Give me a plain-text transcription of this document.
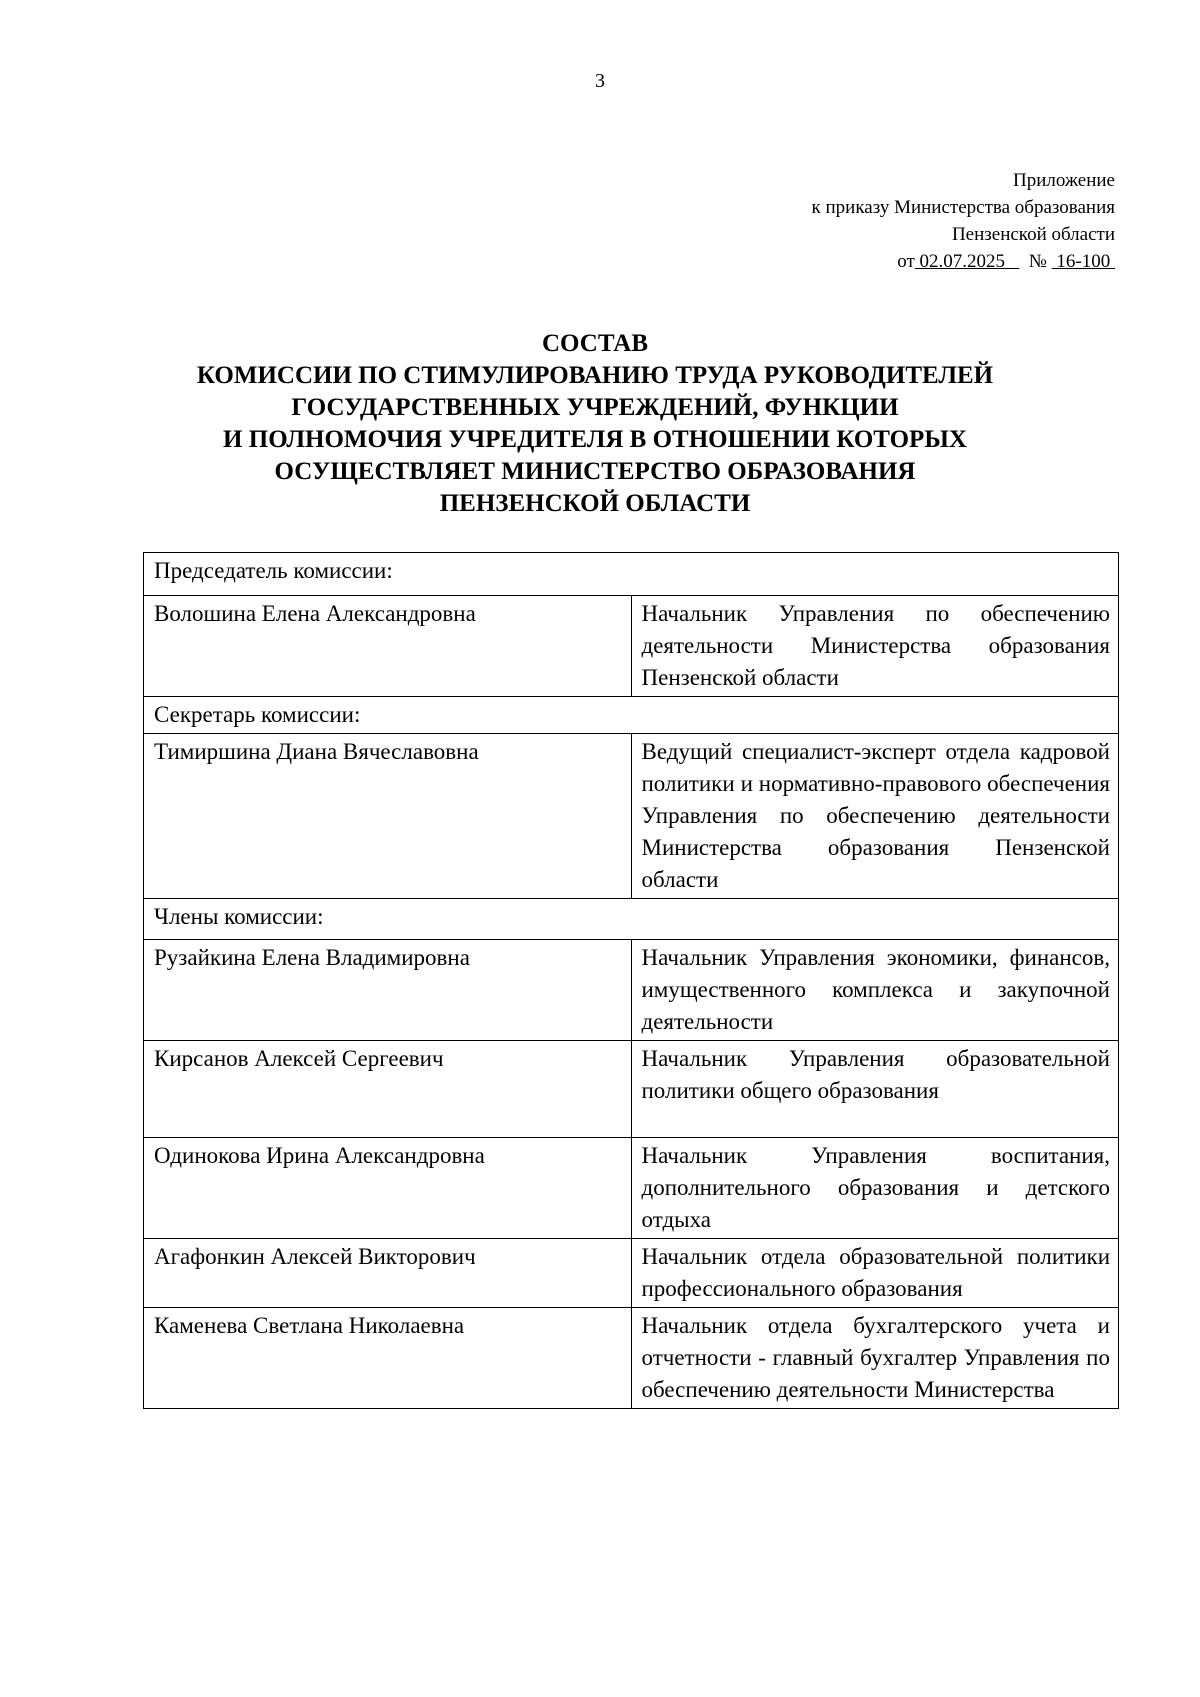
3
Приложение
к приказу Министерства образования
Пензенской области
от 02.07.2025 № 16-100
СОСТАВ
КОМИССИИ ПО СТИМУЛИРОВАНИЮ ТРУДА РУКОВОДИТЕЛЕЙ
ГОСУДАРСТВЕННЫХ УЧРЕЖДЕНИЙ, ФУНКЦИИ
И ПОЛНОМОЧИЯ УЧРЕДИТЕЛЯ В ОТНОШЕНИИ КОТОРЫХ
ОСУЩЕСТВЛЯЕТ МИНИСТЕРСТВО ОБРАЗОВАНИЯ
ПЕНЗЕНСКОЙ ОБЛАСТИ
Председатель комиссии:	
Волошина Елена Александровна	Начальник Управления по обеспечению деятельности Министерства образования Пензенской области
Секретарь комиссии:	
Тимиршина Диана Вячеславовна	Ведущий специалист-эксперт отдела кадровой политики и нормативно-правового обеспечения Управления по обеспечению деятельности Министерства образования Пензенской области
Члены комиссии:	
Рузайкина Елена Владимировна	Начальник Управления экономики, финансов, имущественного комплекса и закупочной деятельности
Кирсанов Алексей Сергеевич	Начальник Управления образовательной политики общего образования
Одинокова Ирина Александровна	Начальник Управления воспитания, дополнительного образования и детского отдыха
Агафонкин Алексей Викторович	Начальник отдела образовательной политики профессионального образования
Каменева Светлана Николаевна	Начальник отдела бухгалтерского учета и отчетности - главный бухгалтер Управления по обеспечению деятельности Министерства
